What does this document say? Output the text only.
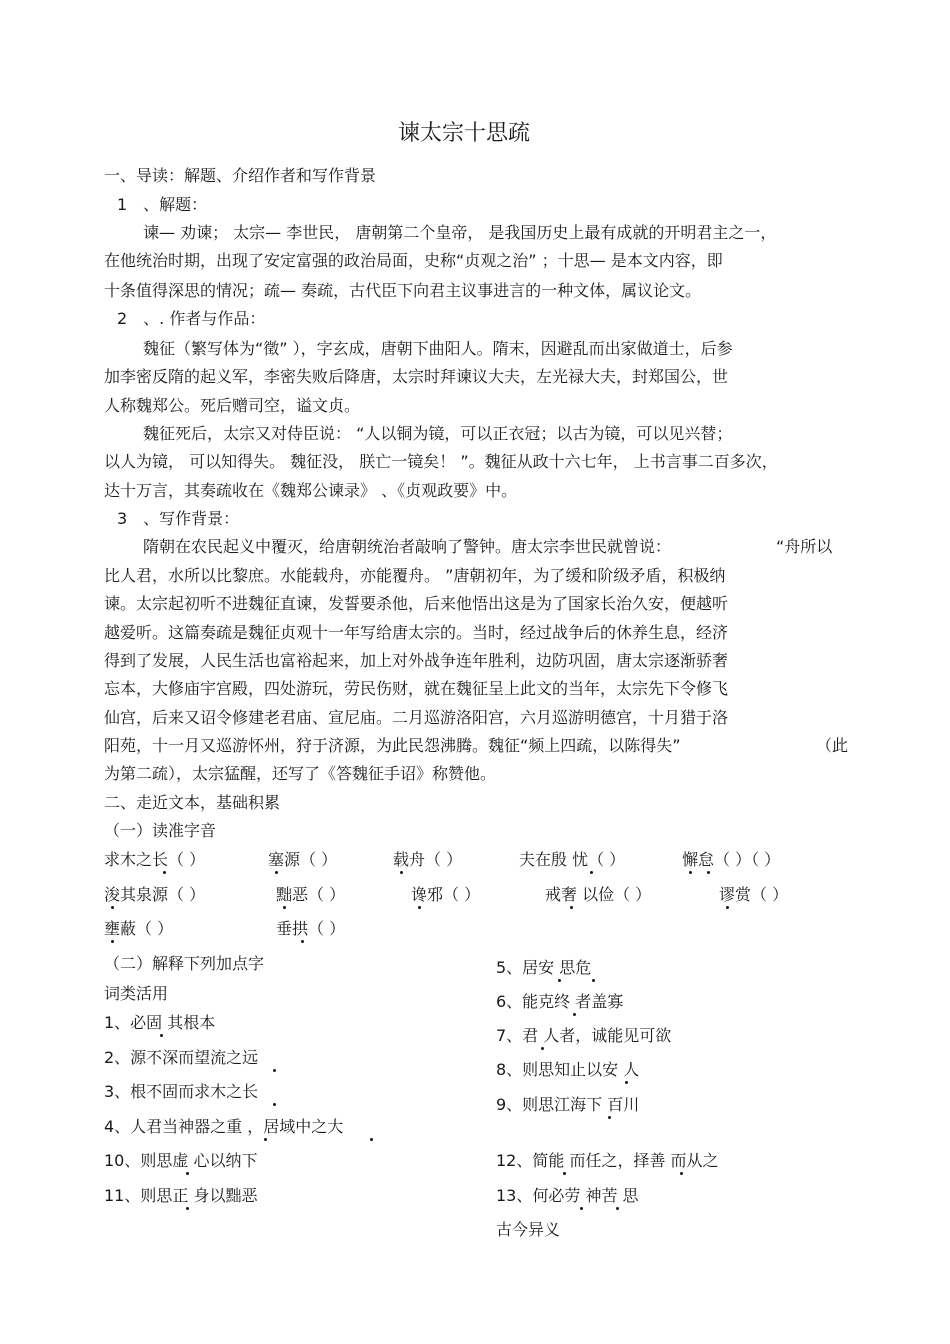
谏太宗十思疏
一、导读：解题、介绍作者和写作背景
1　、解题：
谏— 劝谏； 太宗— 李世民， 唐朝第二个皇帝， 是我国历史上最有成就的开明君主之一，
在他统治时期，出现了安定富强的政治局面，史称“贞观之治” ；十思— 是本文内容，即
十条值得深思的情况；疏— 奏疏，古代臣下向君主议事进言的一种文体，属议论文。
2　、. 作者与作品：
魏征（繁写体为“徵” ），字玄成，唐朝下曲阳人。隋末，因避乱而出家做道士，后参
加李密反隋的起义军，李密失败后降唐，太宗时拜谏议大夫，左光禄大夫，封郑国公，世
人称魏郑公。死后赠司空，谥文贞。
魏征死后，太宗又对侍臣说： “人以铜为镜，可以正衣冠；以古为镜，可以见兴替；
以人为镜， 可以知得失。 魏征没， 朕亡一镜矣！ ”。魏征从政十六七年， 上书言事二百多次，
达十万言，其奏疏收在《魏郑公谏录》 、《贞观政要》中。
3　、写作背景：
隋朝在农民起义中覆灭，给唐朝统治者敲响了警钟。唐太宗李世民就曾说：	“舟所以
比人君，水所以比黎庶。水能载舟，亦能覆舟。 ”唐朝初年，为了缓和阶级矛盾，积极纳
谏。太宗起初听不进魏征直谏，发誓要杀他，后来他悟出这是为了国家长治久安，便越听
越爱听。这篇奏疏是魏征贞观十一年写给唐太宗的。当时，经过战争后的休养生息，经济
得到了发展，人民生活也富裕起来，加上对外战争连年胜利，边防巩固，唐太宗逐渐骄奢
忘本，大修庙宇宫殿，四处游玩，劳民伤财，就在魏征呈上此文的当年，太宗先下令修飞
仙宫，后来又诏令修建老君庙、宣尼庙。二月巡游洛阳宫，六月巡游明德宫，十月猎于洛
阳苑，十一月又巡游怀州，狩于济源，为此民怨沸腾。魏征“频上四疏，以陈得失”	（此
为第二疏），太宗猛醒，还写了《答魏征手诏》称赞他。
二、走近文本，基础积累
（一）读准字音
求木之长（ ）	塞源（ ）	载舟（ ）	夫在殷 忧（ ）	懈怠（ ）（ ）
浚其泉源（ ）	黜恶（ ）	谗邪（ ）	戒奢 以俭（ ）	谬赏（ ）
壅蔽（ ）	垂拱（ ）
（二）解释下列加点字
词类活用
1、必固 其根本
2、源不深而望流之远
3、根不固而求木之长
4、人君当神器之重 ，居域中之大
10、则思虚 心以纳下
11、则思正 身以黜恶
5、居安 思危
6、能克终 者盖寡
7、君 人者，诚能见可欲
8、则思知止以安 人
9、则思江海下 百川
12、简能 而任之，择善 而从之
13、何必劳 神苦 思
古今异义
